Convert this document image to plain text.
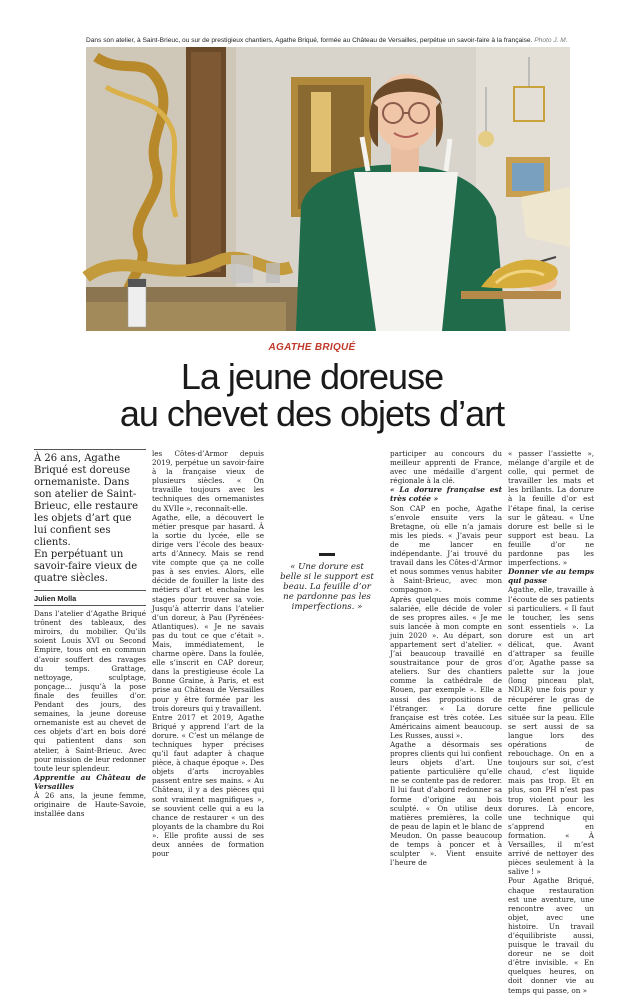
Dans son atelier, à Saint-Brieuc, ou sur de prestigieux chantiers, Agathe Briqué, formée au Château de Versailles, perpétue un savoir-faire à la française. Photo J. M.
AGATHE BRIQUÉ
La jeune doreuse
au chevet des objets d’art

À 26 ans, Agathe Briqué est doreuse ornemaniste. Dans son atelier de Saint-Brieuc, elle restaure les objets d’art que lui confient ses clients.

En perpétuant un savoir-faire vieux de quatre siècles.

Julien Molla

Dans l’atelier d’Agathe Briqué trônent des tableaux, des miroirs, du mobilier. Qu’ils soient Louis XVI ou Second Empire, tous ont en commun d’avoir souffert des ravages du temps. Grattage, nettoyage, sculptage, ponçage... jusqu’à la pose finale des feuilles d’or. Pendant des jours, des semaines, la jeune doreuse ornemaniste est au chevet de ces objets d’art en bois doré qui patientent dans son atelier, à Saint-Brieuc. Avec pour mission de leur redonner toute leur splendeur.

Apprentie au Château de Versailles

À 26 ans, la jeune femme, originaire de Haute-Savoie, installée dans

les Côtes-d’Armor depuis 2019, perpétue un savoir-faire à la française vieux de plusieurs siècles. « On travaille toujours avec les techniques des ornemanistes du XVIIe », reconnaît-elle.

Agathe, elle, a découvert le métier presque par hasard. À la sortie du lycée, elle se dirige vers l’école des beaux-arts d’Annecy. Mais se rend vite compte que ça ne colle pas à ses envies. Alors, elle décide de fouiller la liste des métiers d’art et enchaîne les stages pour trouver sa voie. Jusqu’à atterrir dans l’atelier d’un doreur, à Pau (Pyrénées-Atlantiques). « Je ne savais pas du tout ce que c’était ». Mais, immédiatement, le charme opère. Dans la foulée, elle s’inscrit en CAP doreur, dans la prestigieuse école La Bonne Graine, à Paris, et est prise au Château de Versailles pour y être formée par les trois doreurs qui y travaillent.

Entre 2017 et 2019, Agathe Briqué y apprend l’art de la dorure. « C’est un mélange de techniques hyper précises qu’il faut adapter à chaque pièce, à chaque époque ». Des objets d’arts incroyables passent entre ses mains. « Au Château, il y a des pièces qui sont vraiment magnifiques », se souvient celle qui a eu la chance de restaurer « un des ployants de la chambre du Roi ». Elle profite aussi de ses deux années de formation pour

« Une dorure est belle si le support est beau. La feuille d’or ne pardonne pas les imperfections. »

participer au concours du meilleur apprenti de France, avec une médaille d’argent régionale à la clé.

« La dorure française est très cotée »

Son CAP en poche, Agathe s’envole ensuite vers la Bretagne, où elle n’a jamais mis les pieds. « J’avais peur de me lancer en indépendante. J’ai trouvé du travail dans les Côtes-d’Armor et nous sommes venus habiter à Saint-Brieuc, avec mon compagnon ».

Après quelques mois comme salariée, elle décide de voler de ses propres ailes. « Je me suis lancée à mon compte en juin 2020 ». Au départ, son appartement sert d’atelier. « J’ai beaucoup travaillé en soustraitance pour de gros ateliers. Sur des chantiers comme la cathédrale de Rouen, par exemple ». Elle a aussi des propositions de l’étranger. « La dorure française est très cotée. Les Américains aiment beaucoup. Les Russes, aussi ».

Agathe a désormais ses propres clients qui lui confient leurs objets d’art. Une patiente particulière qu’elle ne se contente pas de redorer. Il lui faut d’abord redonner sa forme d’origine au bois sculpté. « On utilise deux matières premières, la colle de peau de lapin et le blanc de Meudon. On passe beaucoup de temps à poncer et à sculpter ». Vient ensuite l’heure de

« passer l’assiette », mélange d’argile et de colle, qui permet de travailler les mats et les brillants. La dorure à la feuille d’or est l’étape final, la cerise sur le gâteau. « Une dorure est belle si le support est beau. La feuille d’or ne pardonne pas les imperfections. »

Donner vie au temps qui passe

Agathe, elle, travaille à l’écoute de ses patients si particuliers. « Il faut le toucher, les sens sont essentiels ». La dorure est un art délicat, que. Avant d’attraper sa feuille d’or, Agathe passe sa palette sur la joue (long pinceau plat, NDLR) une fois pour y récupérer le gras de cette fine pellicule située sur la peau. Elle se sert aussi de sa langue lors des opérations de rebouchage. On en a toujours sur soi, c’est chaud, c’est liquide mais pas trop. Et en plus, son PH n’est pas trop violent pour les dorures. Là encore, une technique qui s’apprend en formation. « À Versailles, il m’est arrivé de nettoyer des pièces seulement à la salive ! »

Pour Agathe Briqué, chaque restauration est une aventure, une rencontre avec un objet, avec une histoire. Un travail d’équilibriste aussi, puisque le travail du doreur ne se doit d’être invisible. « En quelques heures, on doit donner vie au temps qui passe, on »
